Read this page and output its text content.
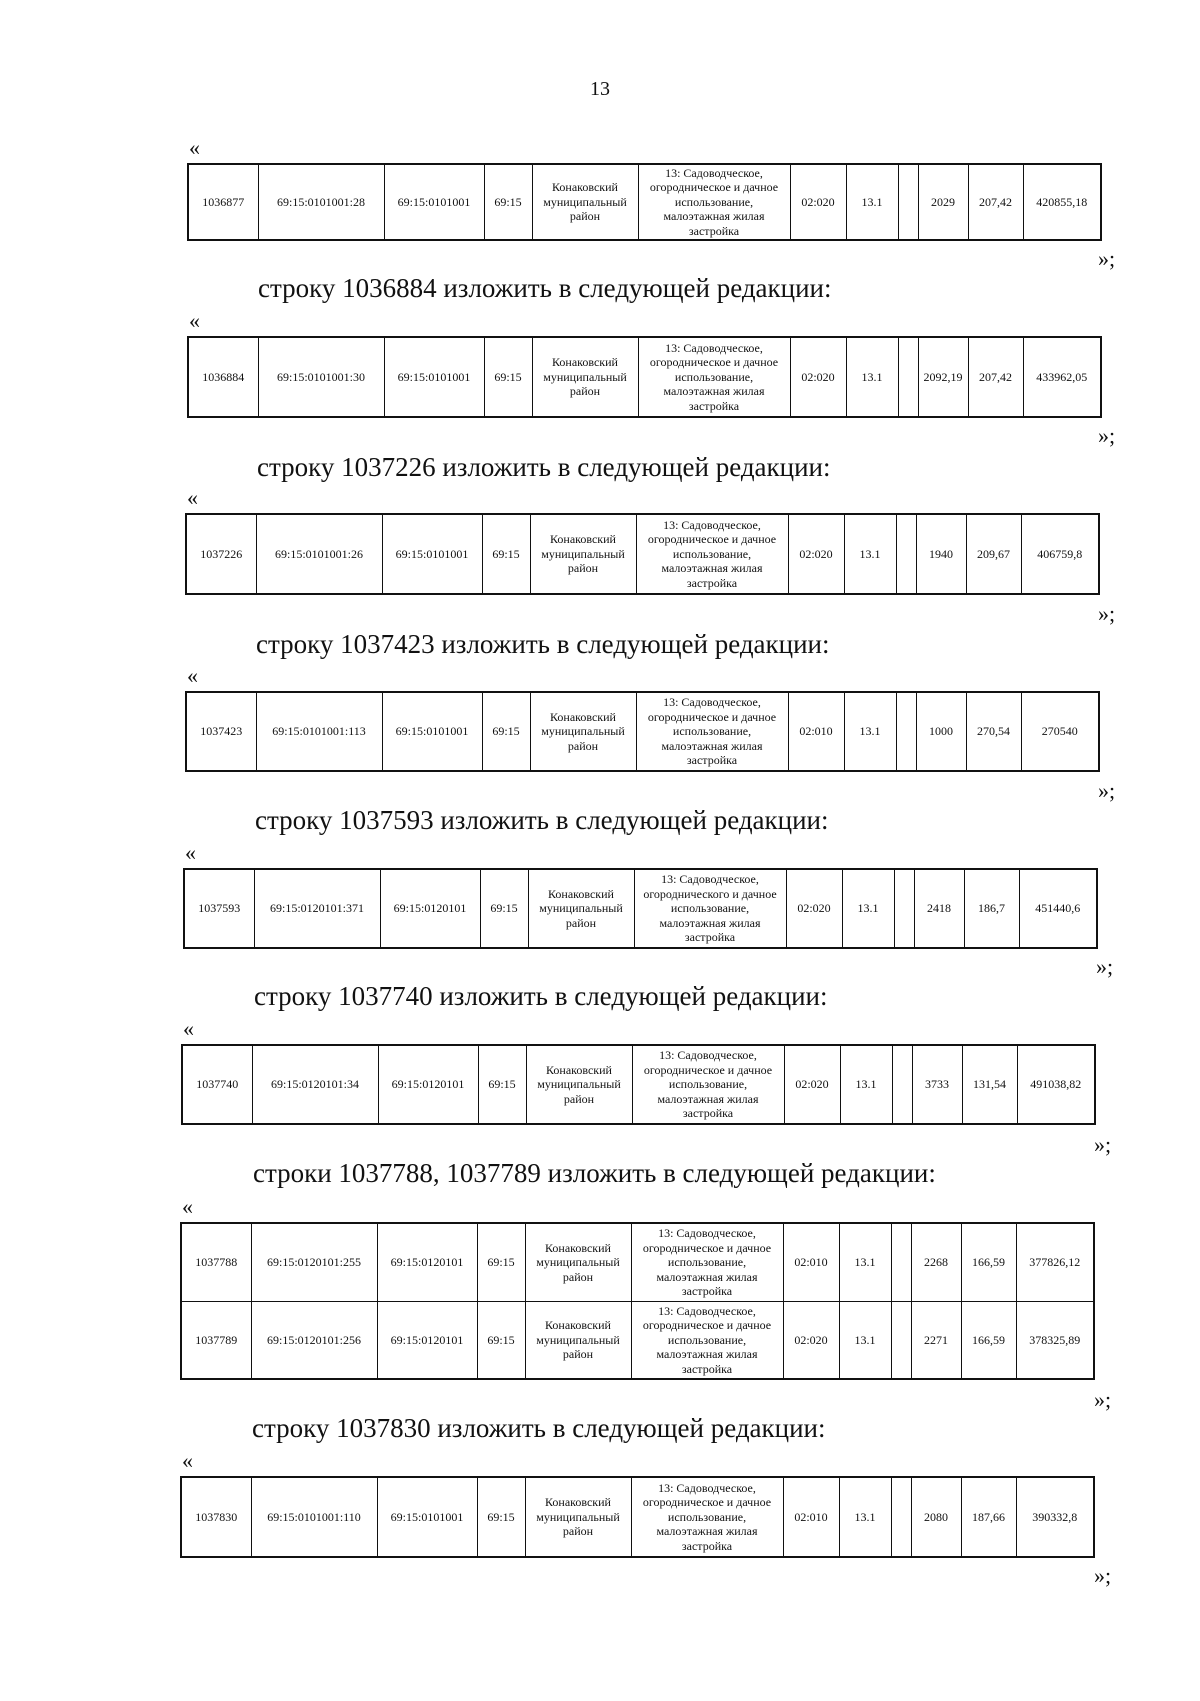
13
«
1036877	69:15:0101001:28	69:15:0101001	69:15	Конаковский муниципальный район	13: Садоводческое, огородническое и дачное использование, малоэтажная жилая застройка	02:020	13.1		2029	207,42	420855,18
»;
строку 1036884 изложить в следующей редакции:
«
1036884	69:15:0101001:30	69:15:0101001	69:15	Конаковский муниципальный район	13: Садоводческое, огородническое и дачное использование, малоэтажная жилая застройка	02:020	13.1		2092,19	207,42	433962,05
»;
строку 1037226 изложить в следующей редакции:
«
1037226	69:15:0101001:26	69:15:0101001	69:15	Конаковский муниципальный район	13: Садоводческое, огородническое и дачное использование, малоэтажная жилая застройка	02:020	13.1		1940	209,67	406759,8
»;
строку 1037423 изложить в следующей редакции:
«
1037423	69:15:0101001:113	69:15:0101001	69:15	Конаковский муниципальный район	13: Садоводческое, огородническое и дачное использование, малоэтажная жилая застройка	02:010	13.1		1000	270,54	270540
»;
строку 1037593 изложить в следующей редакции:
«
1037593	69:15:0120101:371	69:15:0120101	69:15	Конаковский муниципальный район	13: Садоводческое, огороднического и дачное использование, малоэтажная жилая застройка	02:020	13.1		2418	186,7	451440,6
»;
строку 1037740 изложить в следующей редакции:
«
1037740	69:15:0120101:34	69:15:0120101	69:15	Конаковский муниципальный район	13: Садоводческое, огородническое и дачное использование, малоэтажная жилая застройка	02:020	13.1		3733	131,54	491038,82
»;
строки 1037788, 1037789 изложить в следующей редакции:
«
1037788	69:15:0120101:255	69:15:0120101	69:15	Конаковский муниципальный район	13: Садоводческое, огородническое и дачное использование, малоэтажная жилая застройка	02:010	13.1		2268	166,59	377826,12
1037789	69:15:0120101:256	69:15:0120101	69:15	Конаковский муниципальный район	13: Садоводческое, огородническое и дачное использование, малоэтажная жилая застройка	02:020	13.1		2271	166,59	378325,89
»;
строку 1037830 изложить в следующей редакции:
«
1037830	69:15:0101001:110	69:15:0101001	69:15	Конаковский муниципальный район	13: Садоводческое, огородническое и дачное использование, малоэтажная жилая застройка	02:010	13.1		2080	187,66	390332,8
»;
